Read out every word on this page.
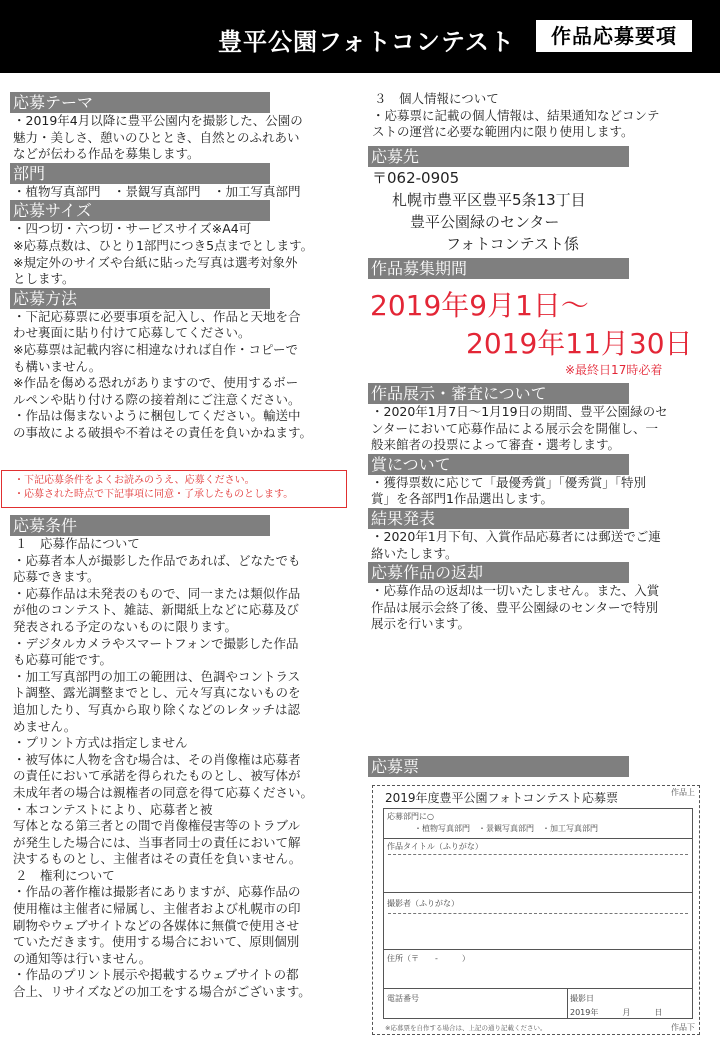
豊平公園フォトコンテスト	作品応募要項
応募テーマ
・2019年4月以降に豊平公園内を撮影した、公園の
魅力・美しさ、憩いのひととき、自然とのふれあい
などが伝わる作品を募集します。
部門
・植物写真部門　・景観写真部門　・加工写真部門
応募サイズ
・四つ切・六つ切・サービスサイズ※A4可
※応募点数は、ひとり1部門につき5点までとします。
※規定外のサイズや台紙に貼った写真は選考対象外
とします。
応募方法
・下記応募票に必要事項を記入し、作品と天地を合
わせ裏面に貼り付けて応募してください。
※応募票は記載内容に相違なければ自作・コピーで
も構いません。
※作品を傷める恐れがありますので、使用するボー
ルペンや貼り付ける際の接着剤にご注意ください。
・作品は傷まないように梱包してください。輸送中
の事故による破損や不着はその責任を負いかねます。
・下記応募条件をよくお読みのうえ、応募ください。
・応募された時点で下記事項に同意・了承したものとします。
応募条件
１　応募作品について
・応募者本人が撮影した作品であれば、どなたでも
応募できます。
・応募作品は未発表のもので、同一または類似作品
が他のコンテスト、雑誌、新聞紙上などに応募及び
発表される予定のないものに限ります。
・デジタルカメラやスマートフォンで撮影した作品
も応募可能です。
・加工写真部門の加工の範囲は、色調やコントラス
ト調整、露光調整までとし、元々写真にないものを
追加したり、写真から取り除くなどのレタッチは認
めません。
・プリント方式は指定しません
・被写体に人物を含む場合は、その肖像権は応募者
の責任において承諾を得られたものとし、被写体が
未成年者の場合は親権者の同意を得て応募ください。
・本コンテストにより、応募者と被
写体となる第三者との間で肖像権侵害等のトラブル
が発生した場合には、当事者同士の責任において解
決するものとし、主催者はその責任を負いません。
２　権利について
・作品の著作権は撮影者にありますが、応募作品の
使用権は主催者に帰属し、主催者および札幌市の印
刷物やウェブサイトなどの各媒体に無償で使用させ
ていただきます。使用する場合において、原則個別
の通知等は行いません。
・作品のプリント展示や掲載するウェブサイトの都
合上、リサイズなどの加工をする場合がございます。
３　個人情報について
・応募票に記載の個人情報は、結果通知などコンテ
ストの運営に必要な範囲内に限り使用します。
応募先
〒062-0905
札幌市豊平区豊平5条13丁目
豊平公園緑のセンター
フォトコンテスト係
作品募集期間
2019年9月1日～
2019年11月30日
※最終日17時必着
作品展示・審査について
・2020年1月7日～1月19日の期間、豊平公園緑のセ
ンターにおいて応募作品による展示会を開催し、一
般来館者の投票によって審査・選考します。
賞について
・獲得票数に応じて「最優秀賞」「優秀賞」「特別
賞」を各部門1作品選出します。
結果発表
・2020年1月下旬、入賞作品応募者には郵送でご連
絡いたします。
応募作品の返却
・応募作品の返却は一切いたしません。また、入賞
作品は展示会終了後、豊平公園緑のセンターで特別
展示を行います。
応募票
2019年度豊平公園フォトコンテスト応募票	作品上
応募部門に○
・植物写真部門　・景観写真部門　・加工写真部門
作品タイトル（ふりがな）
撮影者（ふりがな）
住所（〒　　-　　　）
電話番号	撮影日
2019年　　　月　　　日
※応募票を自作する場合は、上記の通り記載ください。	作品下
